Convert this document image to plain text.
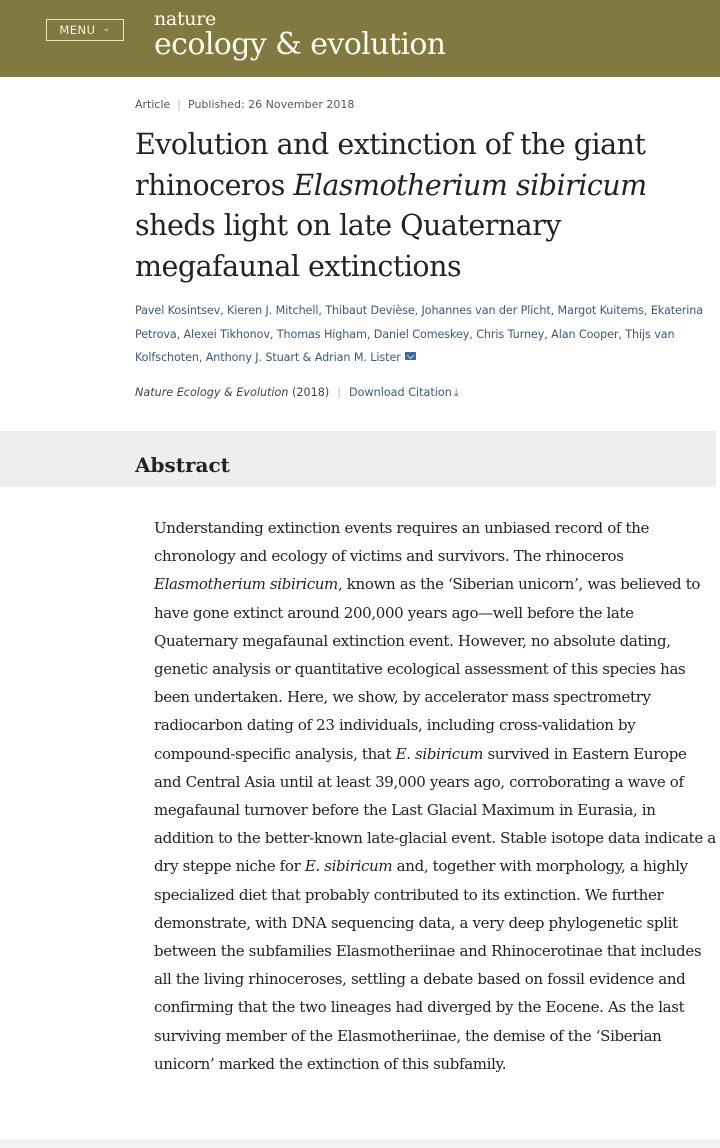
MENU ⌄ nature
ecology & evolution
Article | Published: 26 November 2018
Evolution and extinction of the giant rhinoceros Elasmotherium sibiricum sheds light on late Quaternary megafaunal extinctions

Pavel Kosintsev, Kieren J. Mitchell, Thibaut Devièse, Johannes van der Plicht, Margot Kuitems, Ekaterina Petrova, Alexei Tikhonov, Thomas Higham, Daniel Comeskey, Chris Turney, Alan Cooper, Thijs van Kolfschoten, Anthony J. Stuart & Adrian M. Lister

Nature Ecology & Evolution (2018) | Download Citation ⤓
Abstract

Understanding extinction events requires an unbiased record of the chronology and ecology of victims and survivors. The rhinoceros Elasmotherium sibiricum, known as the ‘Siberian unicorn’, was believed to have gone extinct around 200,000 years ago—well before the late Quaternary megafaunal extinction event. However, no absolute dating, genetic analysis or quantitative ecological assessment of this species has been undertaken. Here, we show, by accelerator mass spectrometry radiocarbon dating of 23 individuals, including cross-validation by compound-specific analysis, that E. sibiricum survived in Eastern Europe and Central Asia until at least 39,000 years ago, corroborating a wave of megafaunal turnover before the Last Glacial Maximum in Eurasia, in addition to the better-known late-glacial event. Stable isotope data indicate a dry steppe niche for E. sibiricum and, together with morphology, a highly specialized diet that probably contributed to its extinction. We further demonstrate, with DNA sequencing data, a very deep phylogenetic split between the subfamilies Elasmotheriinae and Rhinocerotinae that includes all the living rhinoceroses, settling a debate based on fossil evidence and confirming that the two lineages had diverged by the Eocene. As the last surviving member of the Elasmotheriinae, the demise of the ‘Siberian unicorn’ marked the extinction of this subfamily.
